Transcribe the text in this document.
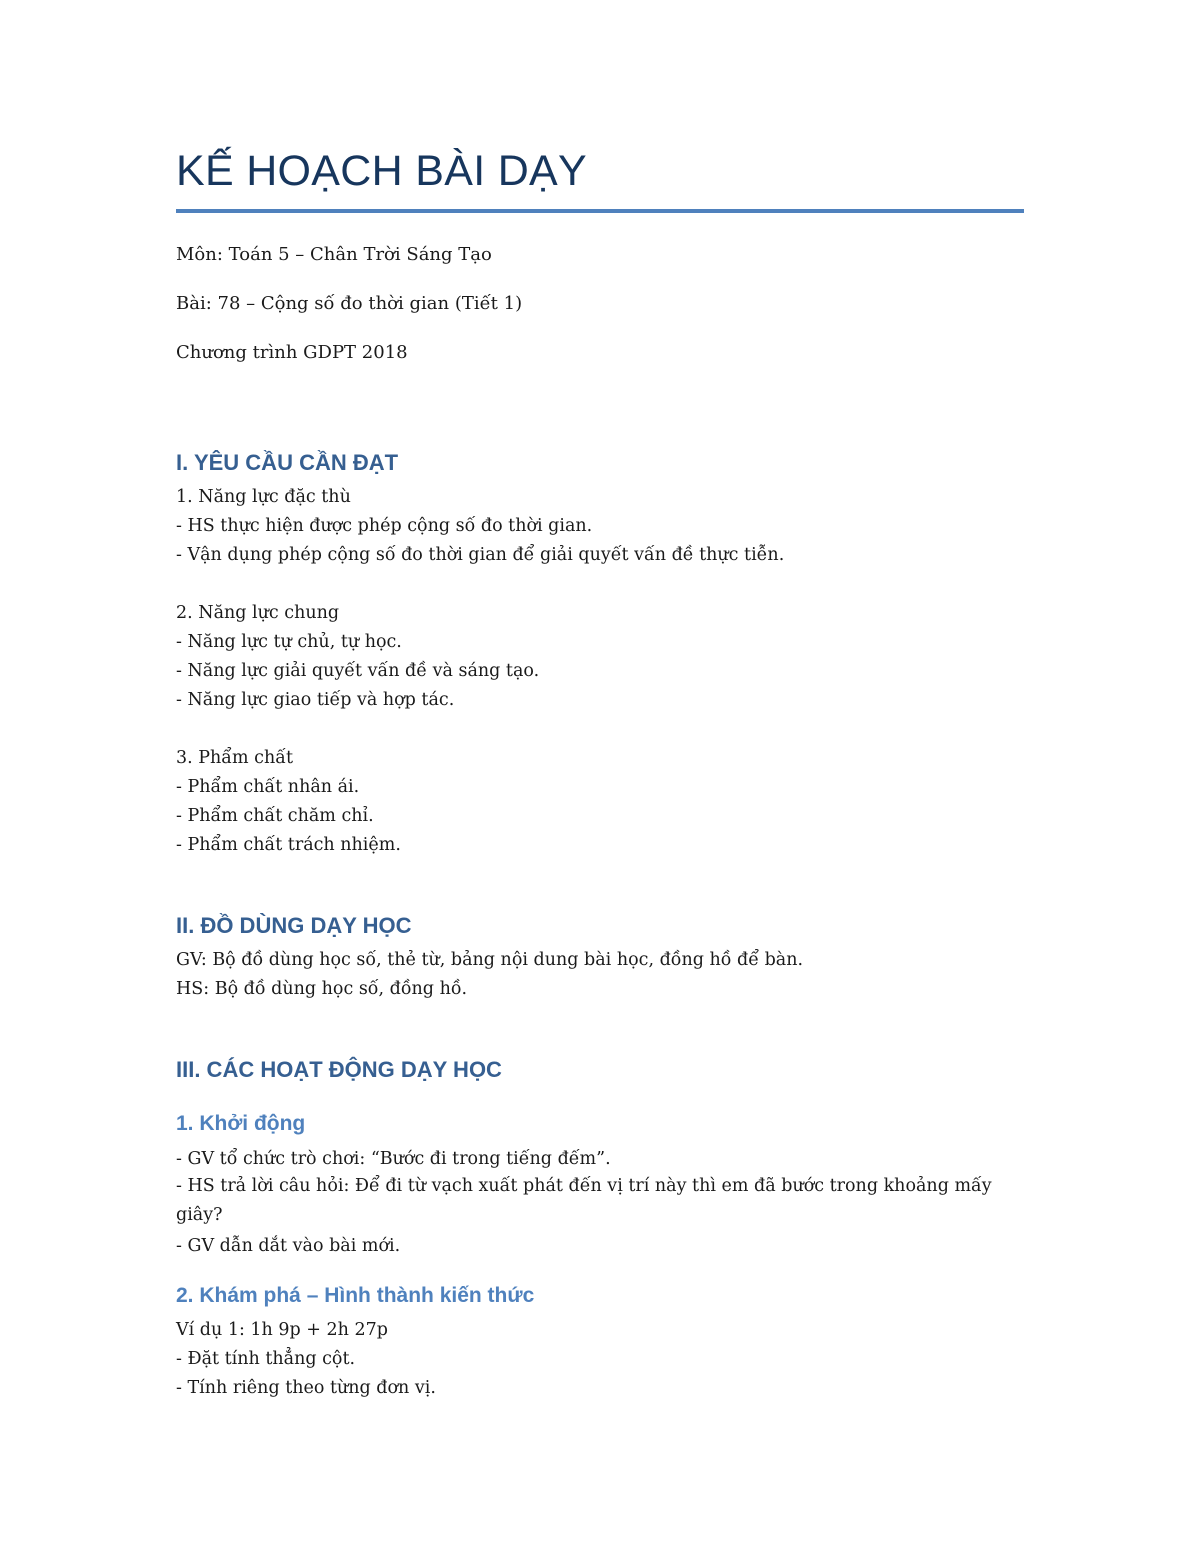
KẾ HOẠCH BÀI DẠY
Môn: Toán 5 – Chân Trời Sáng Tạo
Bài: 78 – Cộng số đo thời gian (Tiết 1)
Chương trình GDPT 2018
I. YÊU CẦU CẦN ĐẠT
1. Năng lực đặc thù
- HS thực hiện được phép cộng số đo thời gian.
- Vận dụng phép cộng số đo thời gian để giải quyết vấn đề thực tiễn.
2. Năng lực chung
- Năng lực tự chủ, tự học.
- Năng lực giải quyết vấn đề và sáng tạo.
- Năng lực giao tiếp và hợp tác.
3. Phẩm chất
- Phẩm chất nhân ái.
- Phẩm chất chăm chỉ.
- Phẩm chất trách nhiệm.
II. ĐỒ DÙNG DẠY HỌC
GV: Bộ đồ dùng học số, thẻ từ, bảng nội dung bài học, đồng hồ để bàn.
HS: Bộ đồ dùng học số, đồng hồ.
III. CÁC HOẠT ĐỘNG DẠY HỌC
1. Khởi động
- GV tổ chức trò chơi: “Bước đi trong tiếng đếm”.
- HS trả lời câu hỏi: Để đi từ vạch xuất phát đến vị trí này thì em đã bước trong khoảng mấy giây?
- GV dẫn dắt vào bài mới.
2. Khám phá – Hình thành kiến thức
Ví dụ 1: 1h 9p + 2h 27p
- Đặt tính thẳng cột.
- Tính riêng theo từng đơn vị.
